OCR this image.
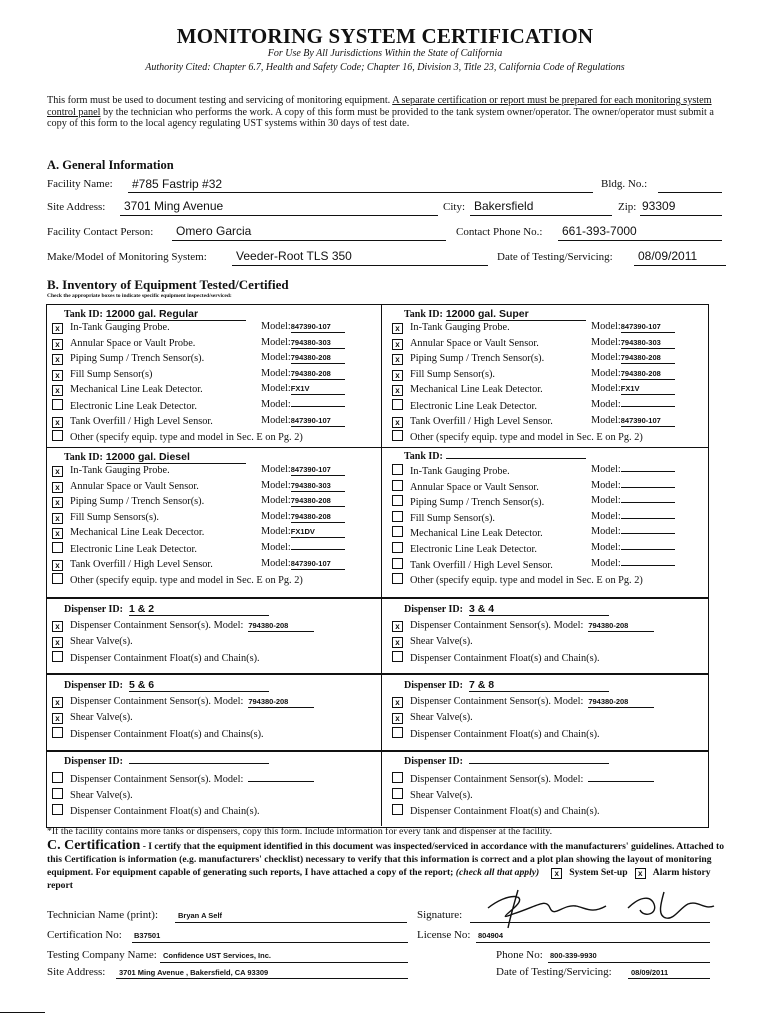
MONITORING SYSTEM CERTIFICATION
For Use By All Jurisdictions Within the State of California
Authority Cited: Chapter 6.7, Health and Safety Code; Chapter 16, Division 3, Title 23, California Code of Regulations
This form must be used to document testing and servicing of monitoring equipment. A separate certification or report must be prepared for each monitoring system control panel by the technician who performs the work. A copy of this form must be provided to the tank system owner/operator. The owner/operator must submit a copy of this form to the local agency regulating UST systems within 30 days of test date.
A. General Information
Facility Name: #785 Fastrip #32	Bldg. No.:
Site Address: 3701 Ming Avenue	City: Bakersfield	Zip: 93309
Facility Contact Person: Omero Garcia	Contact Phone No.: 661-393-7000
Make/Model of Monitoring System: Veeder-Root TLS 350	Date of Testing/Servicing: 08/09/2011
B. Inventory of Equipment Tested/Certified
Check the appropriate boxes to indicate specific equipment inspected/serviced:
Tank ID: 12000 gal. Regular
x In-Tank Gauging Probe.	Model:847390-107
x Annular Space or Vault Probe.	Model:794380-303
x Piping Sump / Trench Sensor(s).	Model:794380-208
x Fill Sump Sensor(s)	Model:794380-208
x Mechanical Line Leak Detector.	Model:FX1V
Electronic Line Leak Detector.	Model:
x Tank Overfill / High Level Sensor.	Model:847390-107
Other (specify equip. type and model in Sec. E on Pg. 2)
Tank ID: 12000 gal. Super
x In-Tank Gauging Probe.	Model:847390-107
x Annular Space or Vault Sensor.	Model:794380-303
x Piping Sump / Trench Sensor(s).	Model:794380-208
x Fill Sump Sensor(s).	Model:794380-208
x Mechanical Line Leak Detector.	Model:FX1V
Electronic Line Leak Detector.	Model:
x Tank Overfill / High Level Sensor.	Model:847390-107
Other (specify equip. type and model in Sec. E on Pg. 2)
Tank ID: 12000 gal. Diesel
x In-Tank Gauging Probe.	Model:847390-107
x Annular Space or Vault Sensor.	Model:794380-303
x Piping Sump / Trench Sensor(s).	Model:794380-208
x Fill Sump Sensors(s).	Model:794380-208
x Mechanical Line Leak Decector.	Model:FX1DV
Electronic Line Leak Detector.	Model:
x Tank Overfill / High Level Sensor.	Model:847390-107
Other (specify equip. type and model in Sec. E on Pg. 2)
Tank ID:
In-Tank Gauging Probe.	Model:
Annular Space or Vault Sensor.	Model:
Piping Sump / Trench Sensor(s).	Model:
Fill Sump Sensor(s).	Model:
Mechanical Line Leak Detector.	Model:
Electronic Line Leak Detector.	Model:
Tank Overfill / High Level Sensor.	Model:
Other (specify equip. type and model in Sec. E on Pg. 2)
Dispenser ID: 1 & 2
x Dispenser Containment Sensor(s). Model: 794380-208
x Shear Valve(s).
Dispenser Containment Float(s) and Chain(s).
Dispenser ID: 3 & 4
x Dispenser Containment Sensor(s). Model: 794380-208
x Shear Valve(s).
Dispenser Containment Float(s) and Chain(s).
Dispenser ID: 5 & 6
x Dispenser Containment Sensor(s). Model: 794380-208
x Shear Valve(s).
Dispenser Containment Float(s) and Chains(s).
Dispenser ID: 7 & 8
x Dispenser Containment Sensor(s). Model: 794380-208
x Shear Valve(s).
Dispenser Containment Float(s) and Chain(s).
Dispenser ID:
Dispenser Containment Sensor(s). Model:
Shear Valve(s).
Dispenser Containment Float(s) and Chain(s).
Dispenser ID:
Dispenser Containment Sensor(s). Model:
Shear Valve(s).
Dispenser Containment Float(s) and Chain(s).
*If the facility contains more tanks or dispensers, copy this form. Include information for every tank and dispenser at the facility.
C. Certification - I certify that the equipment identified in this document was inspected/serviced in accordance with the manufacturers' guidelines. Attached to this Certification is information (e.g. manufacturers' checklist) necessary to verify that this information is correct and a plot plan showing the layout of monitoring equipment. For equipment capable of generating such reports, I have attached a copy of the report; (check all that apply) x System Set-up x Alarm history report
Technician Name (print):	Bryan A Self	Signature:
Certification No: B37501	License No: 804904
Testing Company Name: Confidence UST Services, Inc.	Phone No: 800-339-9930
Site Address: 3701 Ming Avenue , Bakersfield, CA 93309	Date of Testing/Servicing:	08/09/2011
